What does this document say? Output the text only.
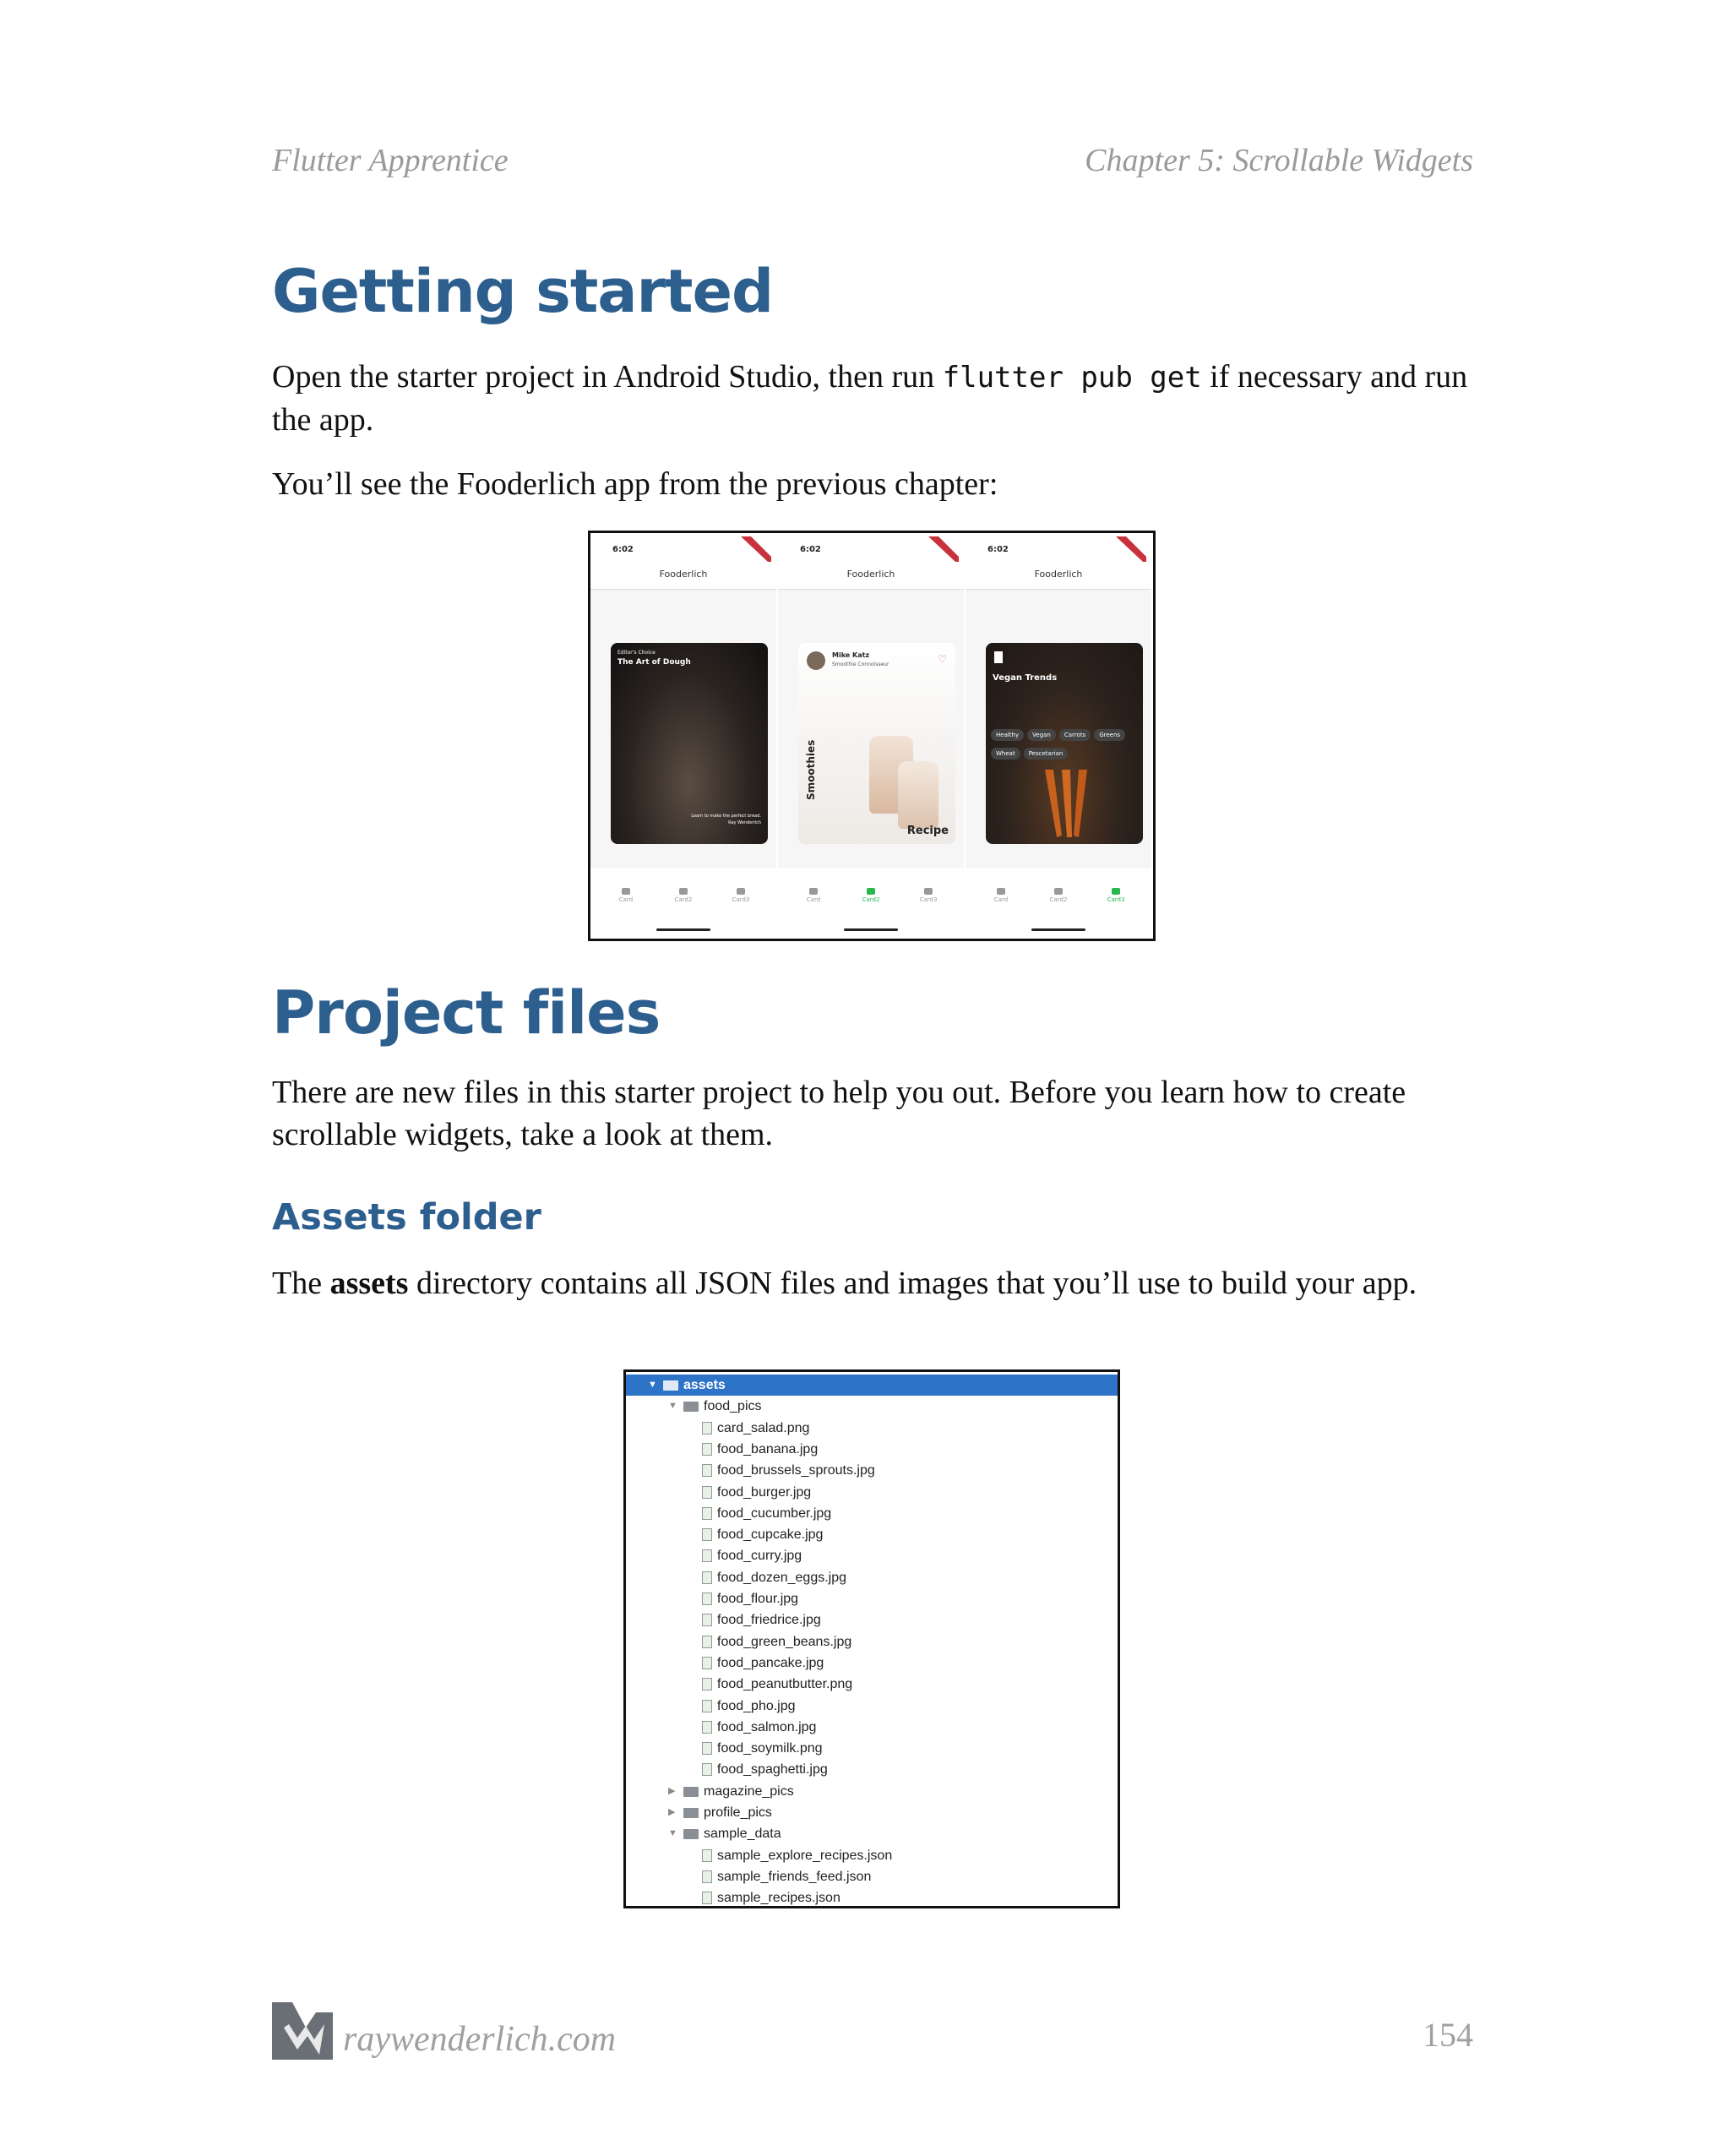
Flutter Apprentice	Chapter 5: Scrollable Widgets
Getting started

Open the starter project in Android Studio, then run flutter pub get if necessary and run the app.

You’ll see the Fooderlich app from the previous chapter:

6:02
Fooderlich
Editor's Choice
The Art of Dough
Learn to make the perfect bread.
Ray Wenderlich
Card	Card2	Card3
6:02
Fooderlich
Mike Katz
Smoothie Connoisseur	♡
Smoothies
Recipe
Card	Card2	Card3
6:02
Fooderlich
Vegan Trends
Healthy Vegan Carrots GreensWheat Pescetarian
Card	Card2	Card3
Project files

There are new files in this starter project to help you out. Before you learn how to create scrollable widgets, take a look at them.

Assets folder

The assets directory contains all JSON files and images that you’ll use to build your app.

▼ assets
▼ food_pics
card_salad.png
food_banana.jpg
food_brussels_sprouts.jpg
food_burger.jpg
food_cucumber.jpg
food_cupcake.jpg
food_curry.jpg
food_dozen_eggs.jpg
food_flour.jpg
food_friedrice.jpg
food_green_beans.jpg
food_pancake.jpg
food_peanutbutter.png
food_pho.jpg
food_salmon.jpg
food_soymilk.png
food_spaghetti.jpg
▶ magazine_pics
▶ profile_pics
▼ sample_data
sample_explore_recipes.json
sample_friends_feed.json
sample_recipes.json
raywenderlich.com	154
